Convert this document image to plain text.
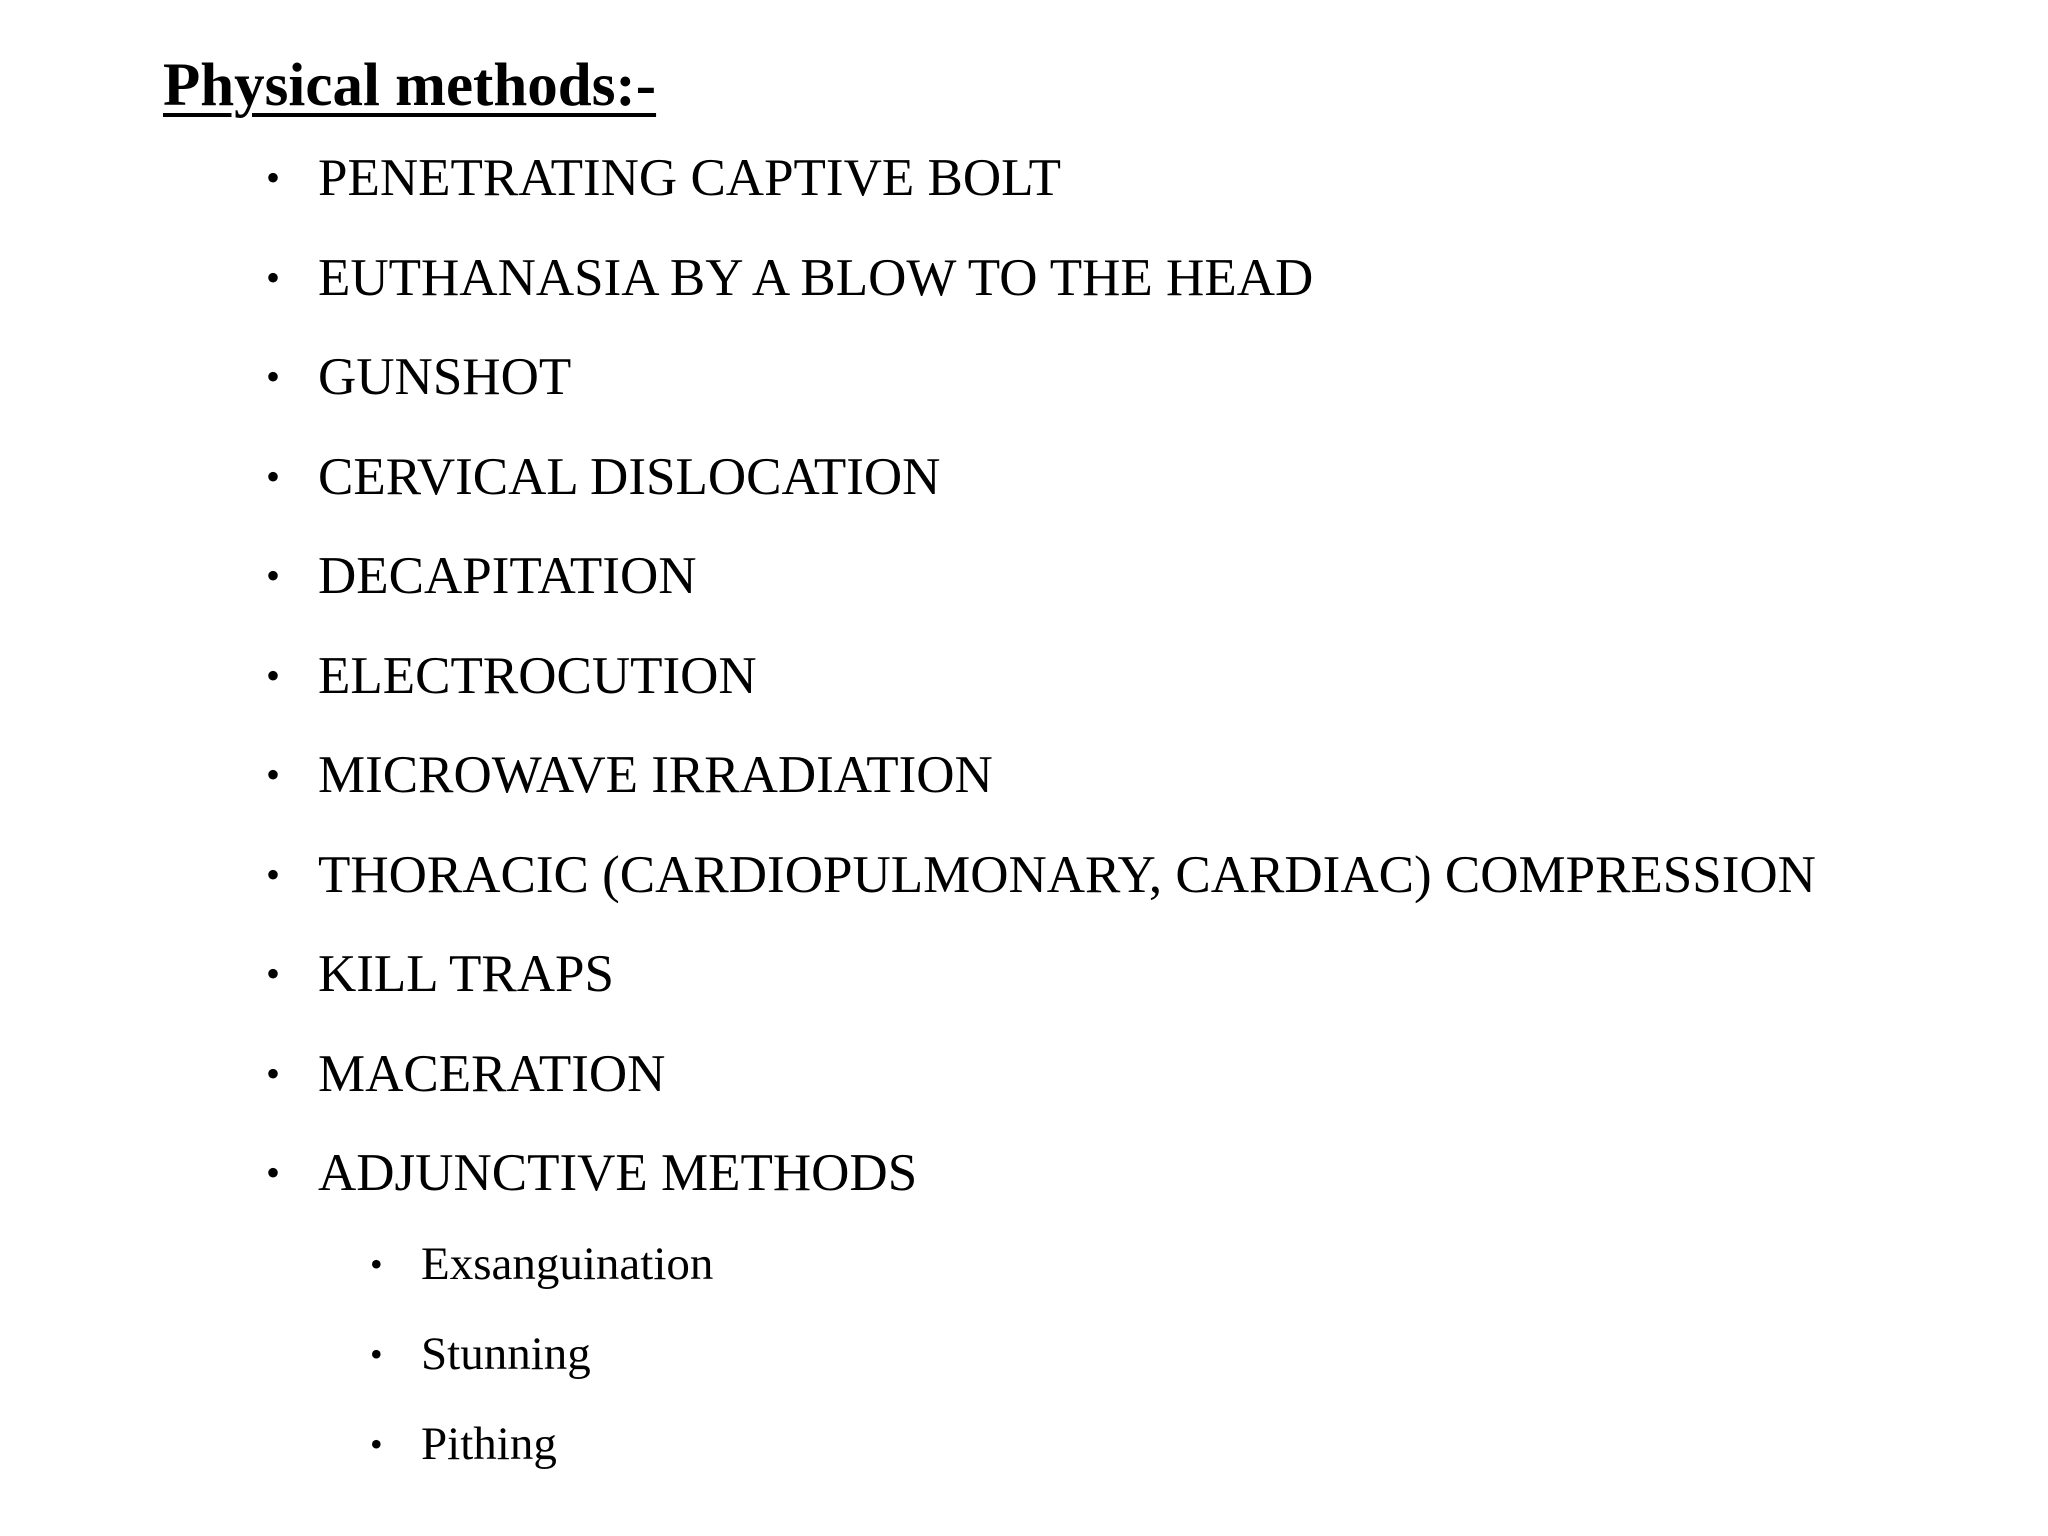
Physical methods:-
• PENETRATING CAPTIVE BOLT
• EUTHANASIA BY A BLOW TO THE HEAD
• GUNSHOT
• CERVICAL DISLOCATION
• DECAPITATION
• ELECTROCUTION
• MICROWAVE IRRADIATION
• THORACIC (CARDIOPULMONARY, CARDIAC) COMPRESSION
• KILL TRAPS
• MACERATION
• ADJUNCTIVE METHODS
• Exsanguination
• Stunning
• Pithing
